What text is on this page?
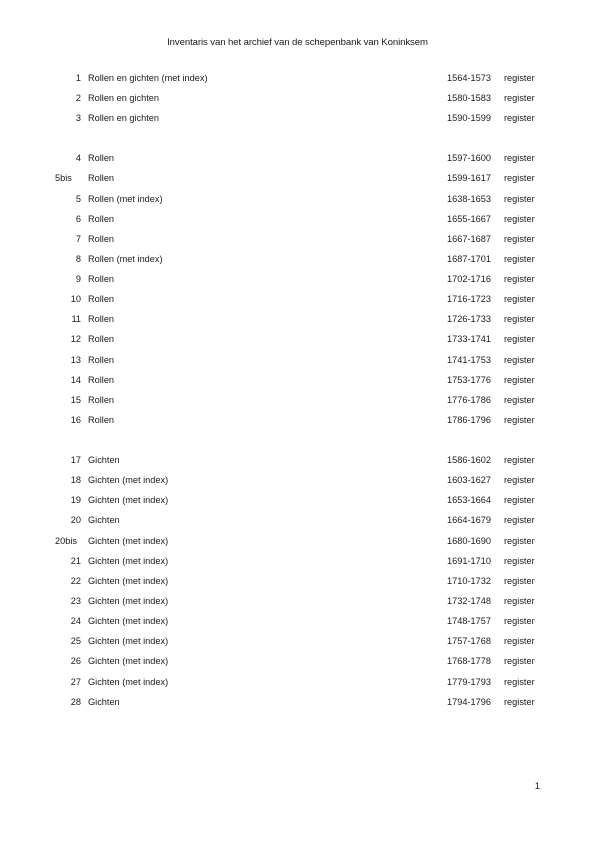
Inventaris van het archief van de schepenbank van Koninksem
1 Rollen en gichten (met index)	1564-1573 register
2 Rollen en gichten	1580-1583 register
3 Rollen en gichten	1590-1599 register
4 Rollen	1597-1600 register
5bis Rollen	1599-1617 register
5 Rollen (met index)	1638-1653 register
6 Rollen	1655-1667 register
7 Rollen	1667-1687 register
8 Rollen (met index)	1687-1701 register
9 Rollen	1702-1716 register
10 Rollen	1716-1723 register
11 Rollen	1726-1733 register
12 Rollen	1733-1741 register
13 Rollen	1741-1753 register
14 Rollen	1753-1776 register
15 Rollen	1776-1786 register
16 Rollen	1786-1796 register
17 Gichten	1586-1602 register
18 Gichten (met index)	1603-1627 register
19 Gichten (met index)	1653-1664 register
20 Gichten	1664-1679 register
20bis Gichten (met index)	1680-1690 register
21 Gichten (met index)	1691-1710 register
22 Gichten (met index)	1710-1732 register
23 Gichten (met index)	1732-1748 register
24 Gichten (met index)	1748-1757 register
25 Gichten (met index)	1757-1768 register
26 Gichten (met index)	1768-1778 register
27 Gichten (met index)	1779-1793 register
28 Gichten	1794-1796 register
1
